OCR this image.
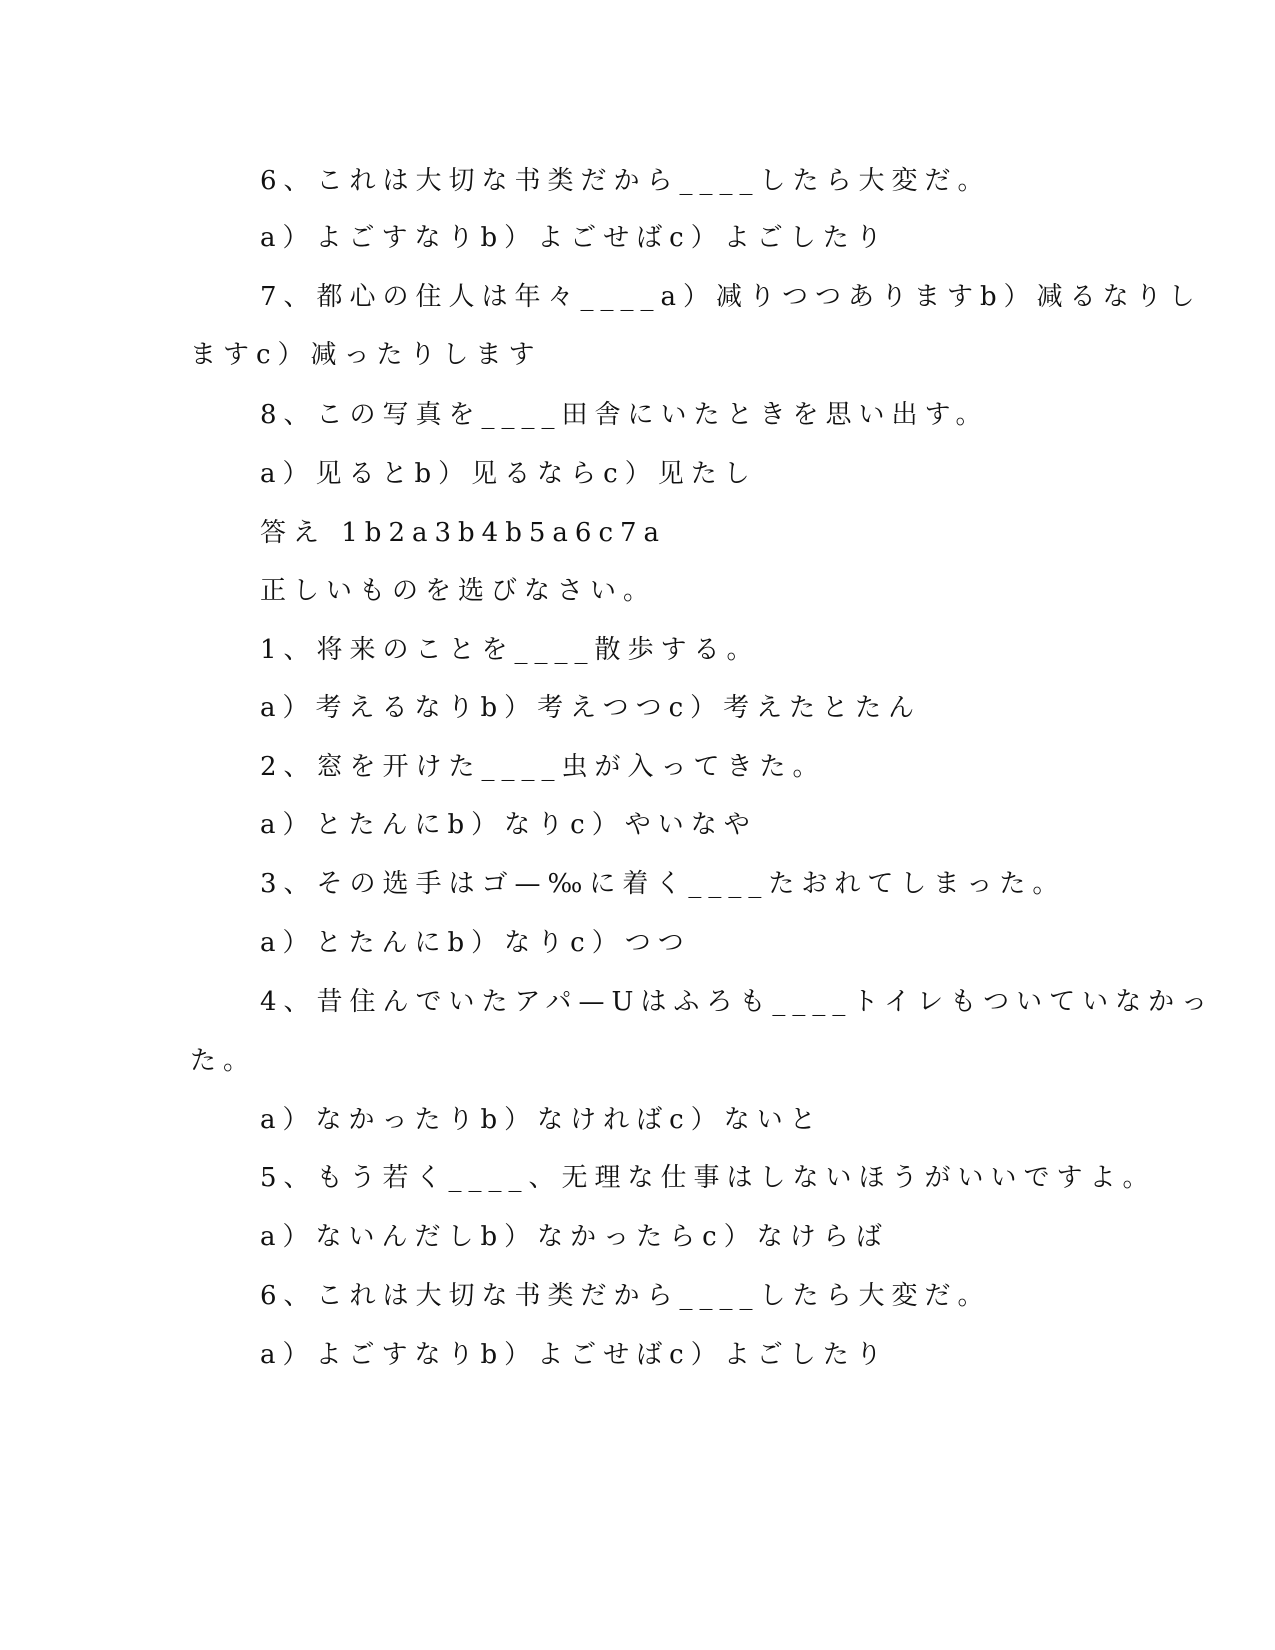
6、これは大切な书类だから____したら大変だ。

a）よごすなりb）よごせばc）よごしたり

7、都心の住人は年々____a）减りつつありますb）减るなりし

ますc）减ったりします

8、この写真を____田舎にいたときを思い出す。

a）见るとb）见るならc）见たし

答え 1b2a3b4b5a6c7a

正しいものを选びなさい。

1、将来のことを____散歩する。

a）考えるなりb）考えつつc）考えたとたん

2、窓を开けた____虫が入ってきた。

a）とたんにb）なりc）やいなや

3、その选手はゴ—‰に着く____たおれてしまった。

a）とたんにb）なりc）つつ

4、昔住んでいたアパ—Uはふろも____トイレもついていなかっ

た。

a）なかったりb）なければc）ないと

5、もう若く____、无理な仕事はしないほうがいいですよ。

a）ないんだしb）なかったらc）なけらば

6、これは大切な书类だから____したら大変だ。

a）よごすなりb）よごせばc）よごしたり
